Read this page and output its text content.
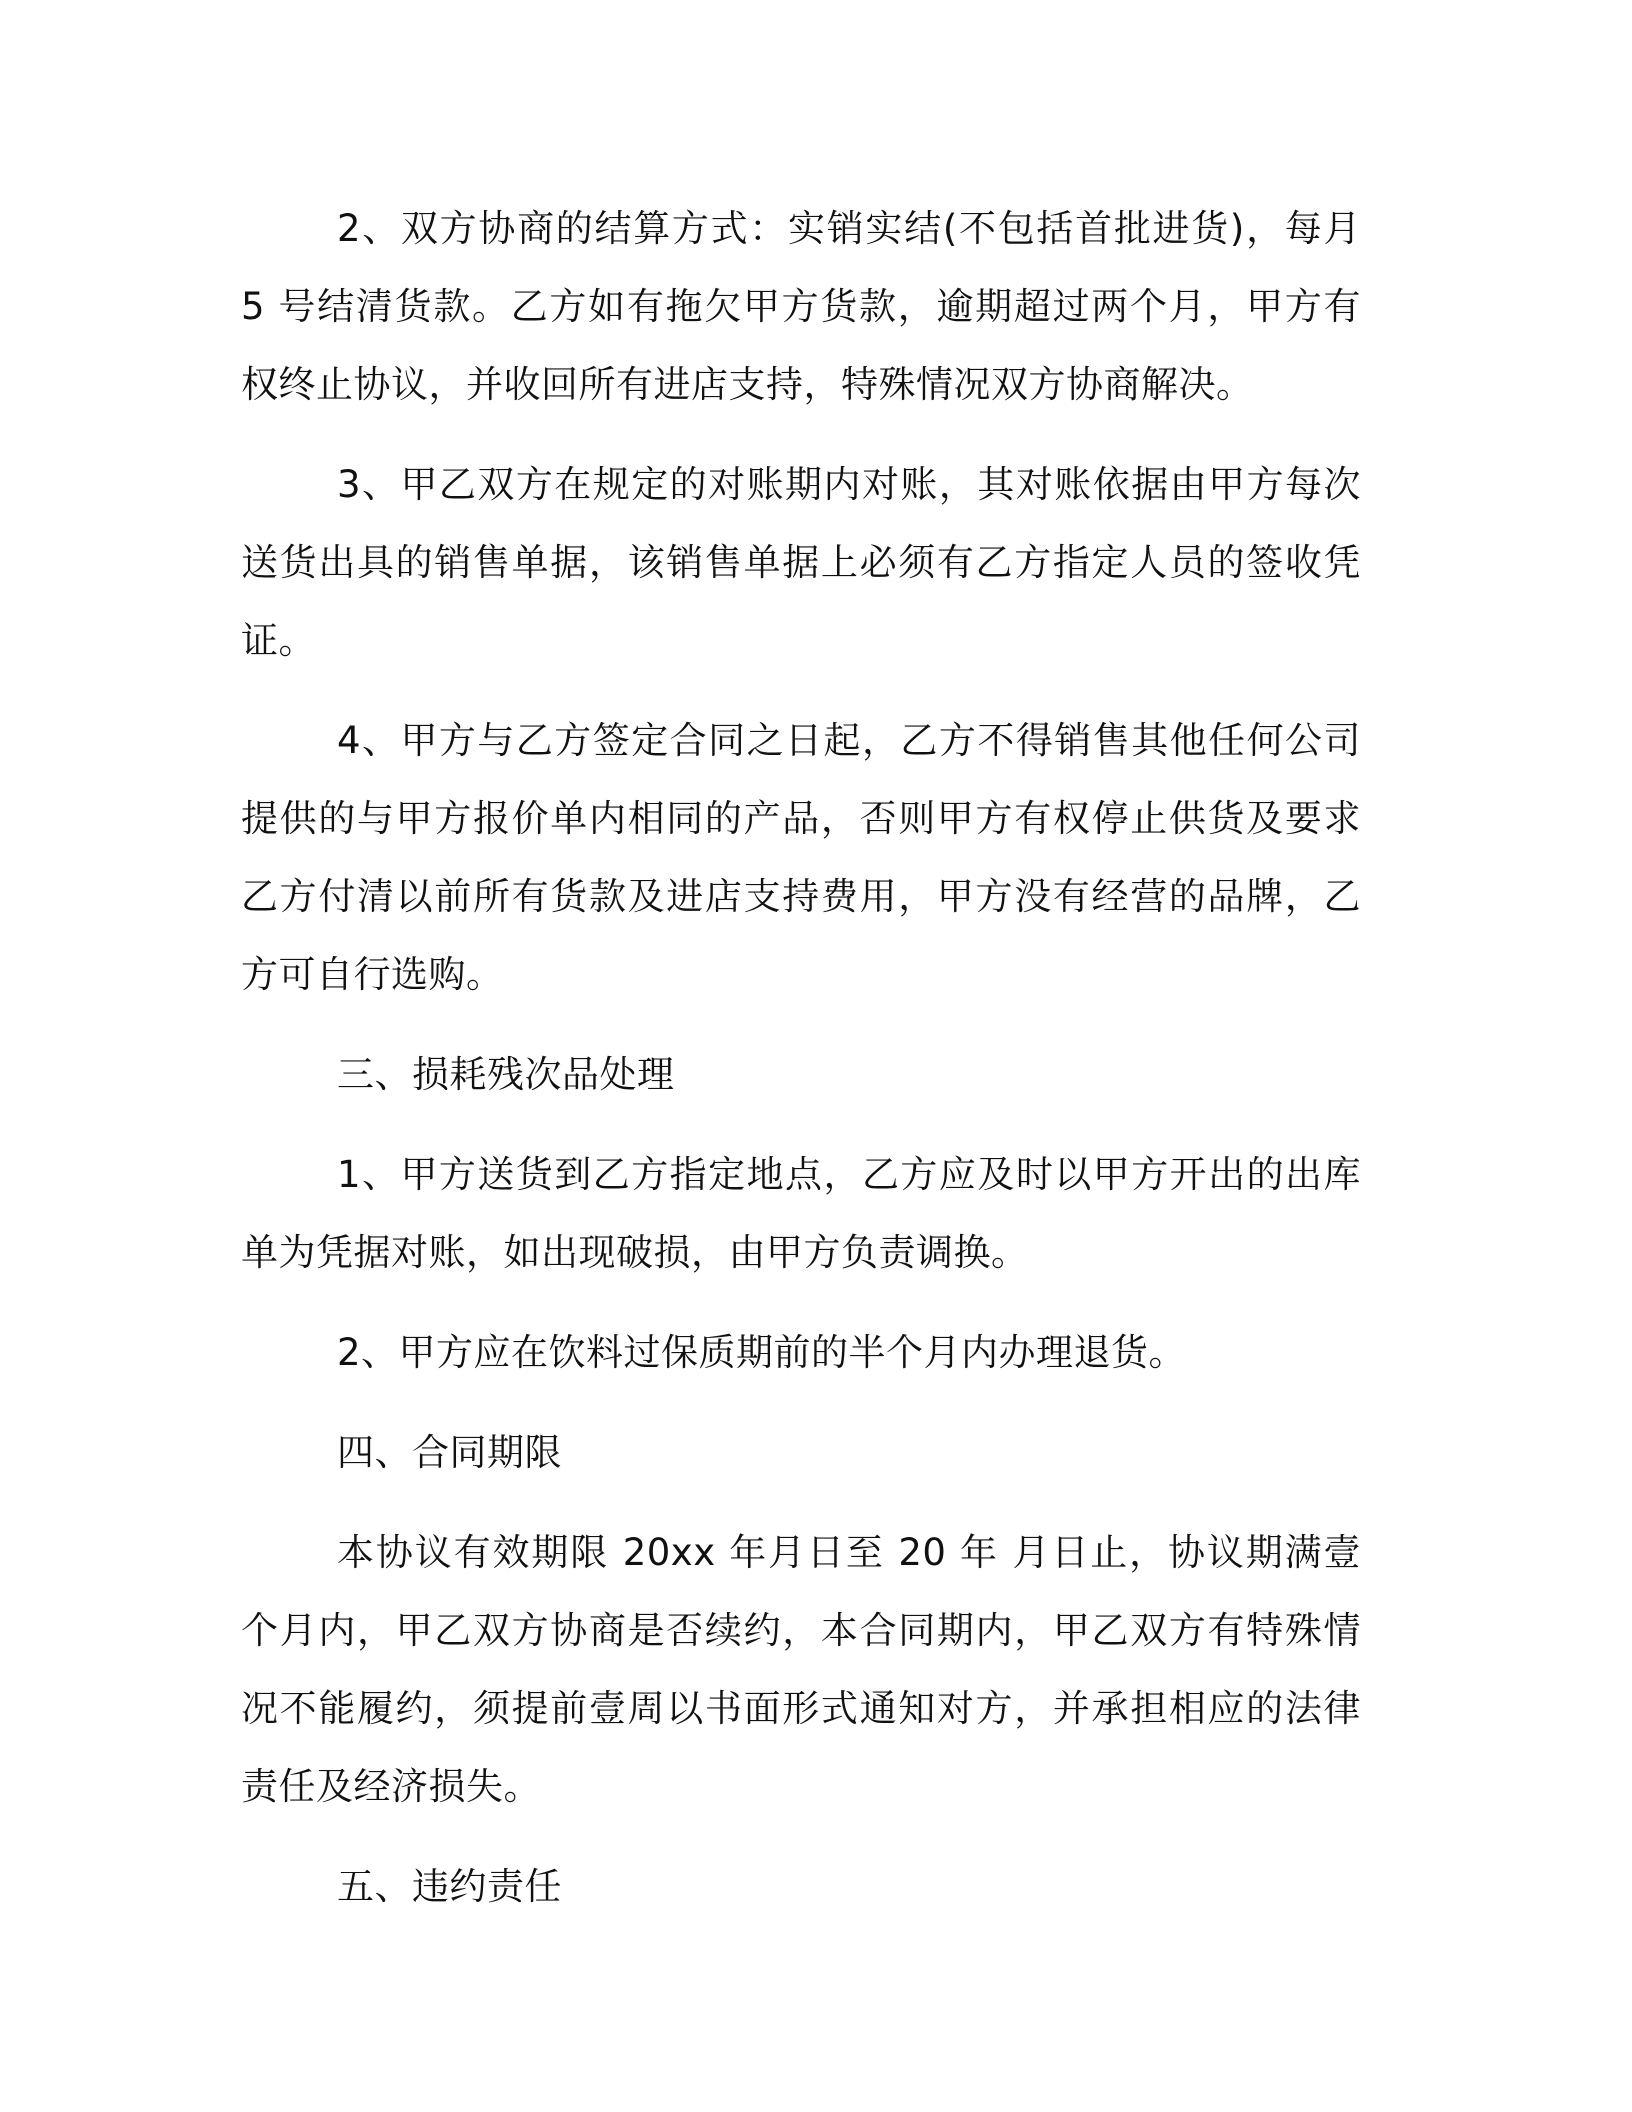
2、双方协商的结算方式：实销实结(不包括首批进货)，每月 5 号结清货款。乙方如有拖欠甲方货款，逾期超过两个月，甲方有权终止协议，并收回所有进店支持，特殊情况双方协商解决。

3、甲乙双方在规定的对账期内对账，其对账依据由甲方每次送货出具的销售单据，该销售单据上必须有乙方指定人员的签收凭证。

4、甲方与乙方签定合同之日起，乙方不得销售其他任何公司提供的与甲方报价单内相同的产品，否则甲方有权停止供货及要求乙方付清以前所有货款及进店支持费用，甲方没有经营的品牌，乙方可自行选购。

三、损耗残次品处理

1、甲方送货到乙方指定地点，乙方应及时以甲方开出的出库单为凭据对账，如出现破损，由甲方负责调换。

2、甲方应在饮料过保质期前的半个月内办理退货。

四、合同期限

本协议有效期限 20xx 年月日至 20 年 月日止，协议期满壹个月内，甲乙双方协商是否续约，本合同期内，甲乙双方有特殊情况不能履约，须提前壹周以书面形式通知对方，并承担相应的法律责任及经济损失。

五、违约责任
